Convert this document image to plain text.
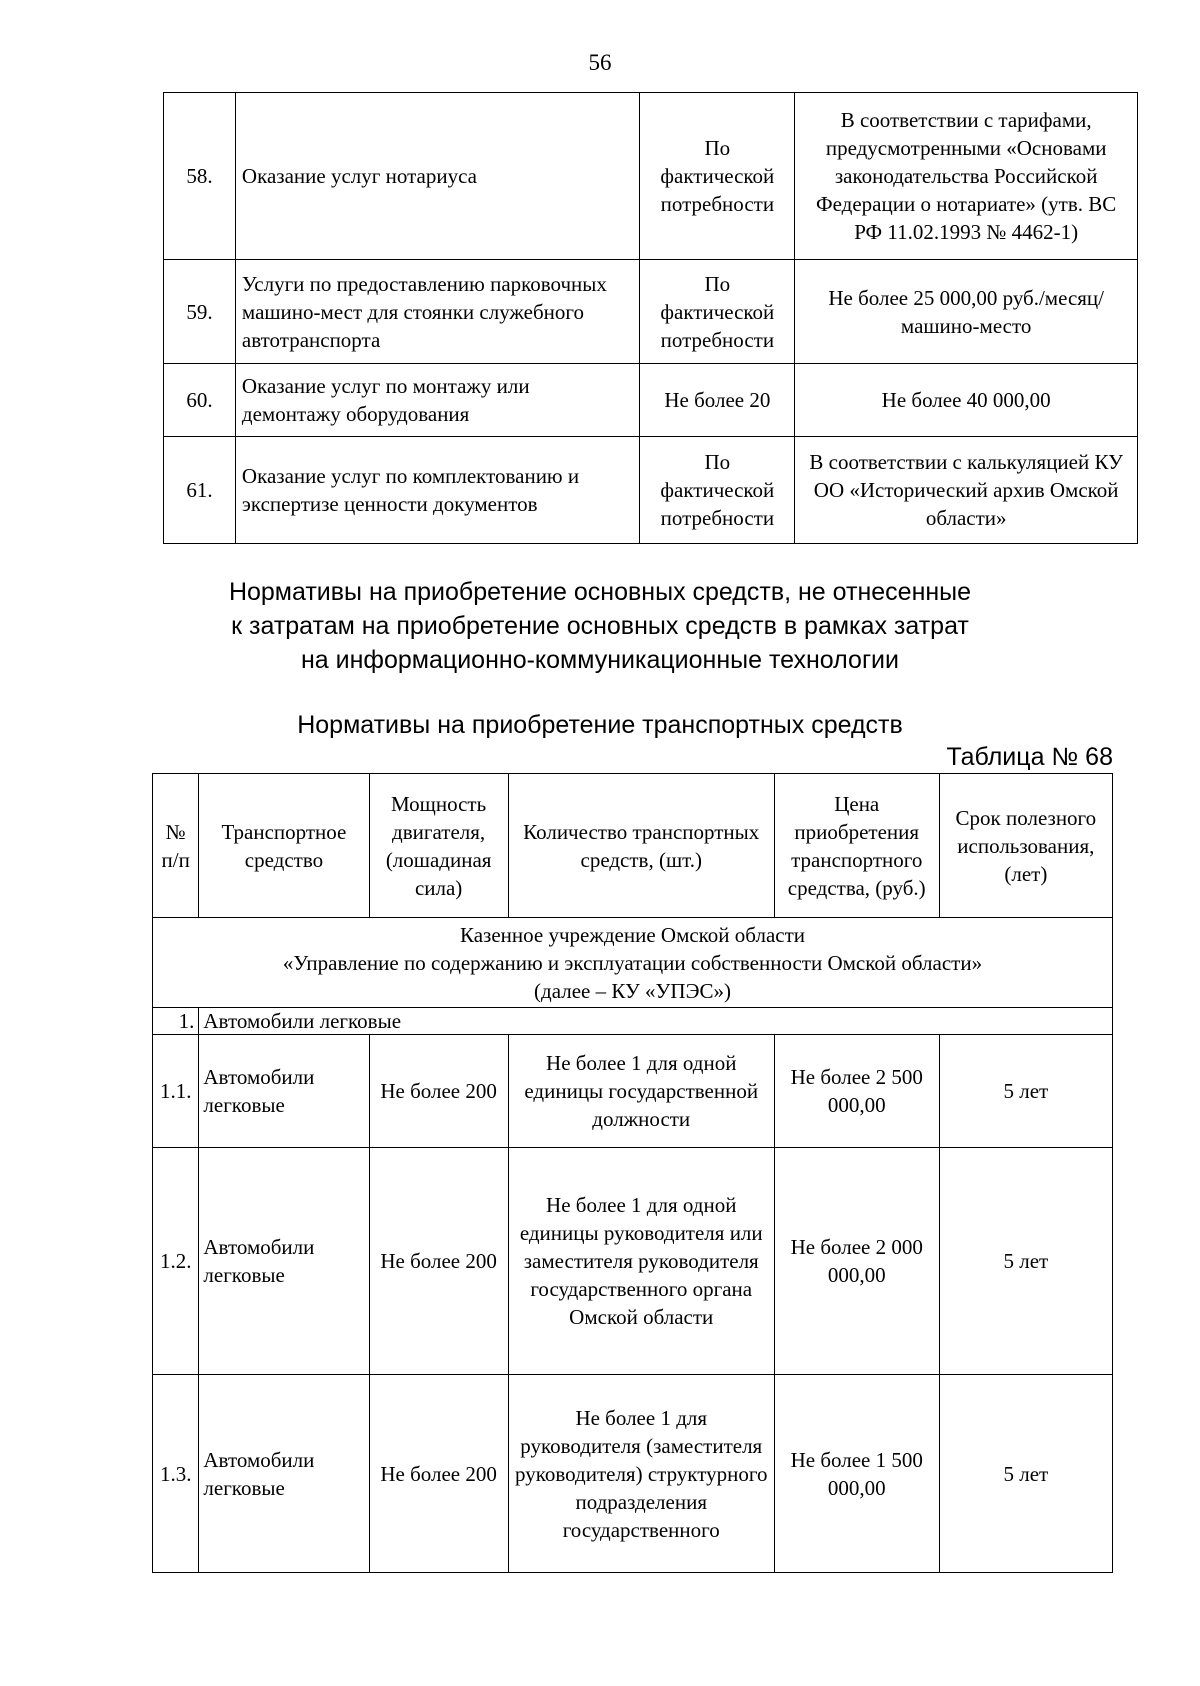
56
58.	Оказание услуг нотариуса	По фактической потребности	В соответствии с тарифами, предусмотренными «Основами законодательства Российской Федерации о нотариате» (утв. ВС РФ 11.02.1993 № 4462-1)
59.	Услуги по предоставлению парковочных машино-мест для стоянки служебного автотранспорта	По фактической потребности	Не более 25 000,00 руб./месяц/машино-место
60.	Оказание услуг по монтажу или демонтажу оборудования	Не более 20	Не более 40 000,00
61.	Оказание услуг по комплектованию и экспертизе ценности документов	По фактической потребности	В соответствии с калькуляцией КУ ОО «Исторический архив Омской области»
Нормативы на приобретение основных средств, не отнесенные
к затратам на приобретение основных средств в рамках затрат
на информационно-коммуникационные технологии
Нормативы на приобретение транспортных средств
Таблица № 68
№ п/п	Транспортное средство	Мощность двигателя, (лошадиная сила)	Количество транспортных средств, (шт.)	Цена приобретения транспортного средства, (руб.)	Срок полезного использования, (лет)

Казенное учреждение Омской области
«Управление по содержанию и эксплуатации собственности Омской области»
(далее – КУ «УПЭС»)					

1.	Автомобили легковые				
1.1.	Автомобили легковые	Не более 200	Не более 1 для одной единицы государственной должности	Не более 2 500 000,00	5 лет
1.2.	Автомобили легковые	Не более 200	Не более 1 для одной единицы руководителя или заместителя руководителя государственного органа Омской области	Не более 2 000 000,00	5 лет
1.3.	Автомобили легковые	Не более 200	Не более 1 для руководителя (заместителя руководителя) структурного подразделения государственного	Не более 1 500 000,00	5 лет
